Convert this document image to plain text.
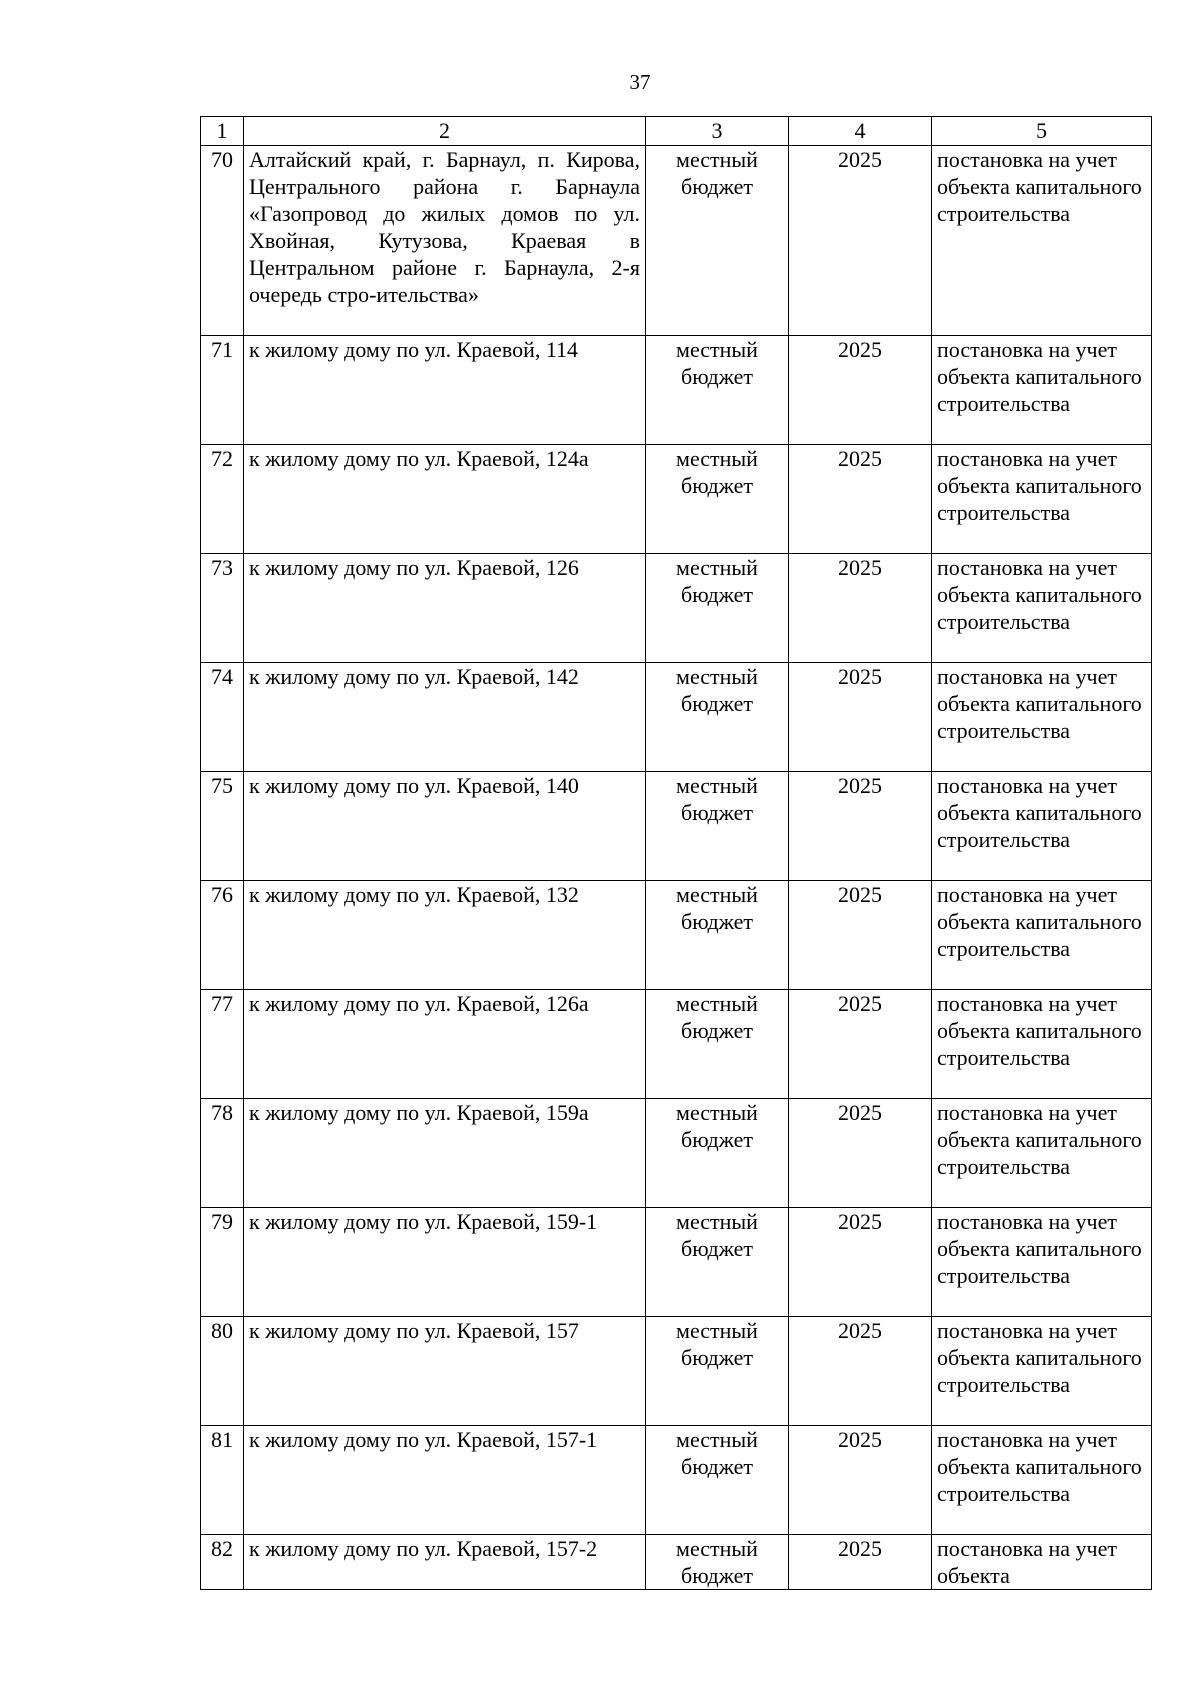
37
1	2	3	4	5
70	Алтайский край, г. Барнаул, п. Кирова, Центрального района г. Барнаула «Газопровод до жилых домов по ул. Хвойная, Кутузова, Краевая в Центральном районе г. Барнаула, 2-я очередь стро-ительства»	местный бюджет	2025	постановка на учет объекта капитального строительства
71	к жилому дому по ул. Краевой, 114	местный бюджет	2025	постановка на учет объекта капитального строительства
72	к жилому дому по ул. Краевой, 124а	местный бюджет	2025	постановка на учет объекта капитального строительства
73	к жилому дому по ул. Краевой, 126	местный бюджет	2025	постановка на учет объекта капитального строительства
74	к жилому дому по ул. Краевой, 142	местный бюджет	2025	постановка на учет объекта капитального строительства
75	к жилому дому по ул. Краевой, 140	местный бюджет	2025	постановка на учет объекта капитального строительства
76	к жилому дому по ул. Краевой, 132	местный бюджет	2025	постановка на учет объекта капитального строительства
77	к жилому дому по ул. Краевой, 126а	местный бюджет	2025	постановка на учет объекта капитального строительства
78	к жилому дому по ул. Краевой, 159а	местный бюджет	2025	постановка на учет объекта капитального строительства
79	к жилому дому по ул. Краевой, 159-1	местный бюджет	2025	постановка на учет объекта капитального строительства
80	к жилому дому по ул. Краевой, 157	местный бюджет	2025	постановка на учет объекта капитального строительства
81	к жилому дому по ул. Краевой, 157-1	местный бюджет	2025	постановка на учет объекта капитального строительства
82	к жилому дому по ул. Краевой, 157-2	местный бюджет	2025	постановка на учет объекта
